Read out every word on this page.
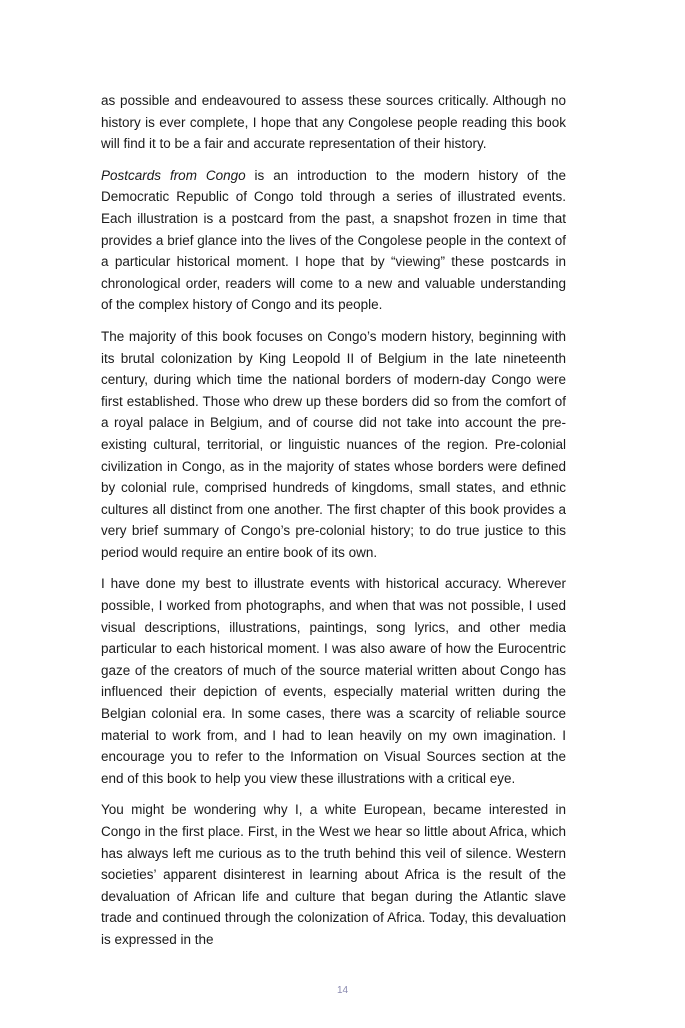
as possible and endeavoured to assess these sources critically. Although no history is ever complete, I hope that any Congolese people reading this book will find it to be a fair and accurate representation of their history.

Postcards from Congo is an introduction to the modern history of the Democratic Republic of Congo told through a series of illustrated events. Each illustration is a postcard from the past, a snapshot frozen in time that provides a brief glance into the lives of the Congolese people in the context of a particular historical moment. I hope that by “viewing” these postcards in chronological order, readers will come to a new and valuable understanding of the complex history of Congo and its people.

The majority of this book focuses on Congo’s modern history, beginning with its brutal colonization by King Leopold II of Belgium in the late nineteenth century, during which time the national borders of modern-day Congo were first established. Those who drew up these borders did so from the comfort of a royal palace in Belgium, and of course did not take into account the pre-existing cultural, territorial, or linguistic nuances of the region. Pre-colonial civilization in Congo, as in the majority of states whose borders were defined by colonial rule, comprised hundreds of kingdoms, small states, and ethnic cultures all distinct from one another. The first chapter of this book provides a very brief summary of Congo’s pre-colonial history; to do true justice to this period would require an entire book of its own.

I have done my best to illustrate events with historical accuracy. Wherever possible, I worked from photographs, and when that was not possible, I used visual descriptions, illustrations, paintings, song lyrics, and other media particular to each historical moment. I was also aware of how the Eurocentric gaze of the creators of much of the source material written about Congo has influenced their depiction of events, especially material written during the Belgian colonial era. In some cases, there was a scarcity of reliable source material to work from, and I had to lean heavily on my own imagination. I encourage you to refer to the Information on Visual Sources section at the end of this book to help you view these illustrations with a critical eye.

You might be wondering why I, a white European, became interested in Congo in the first place. First, in the West we hear so little about Africa, which has always left me curious as to the truth behind this veil of silence. Western societies’ apparent disinterest in learning about Africa is the result of the devaluation of African life and culture that began during the Atlantic slave trade and continued through the colonization of Africa. Today, this devaluation is expressed in the

14
